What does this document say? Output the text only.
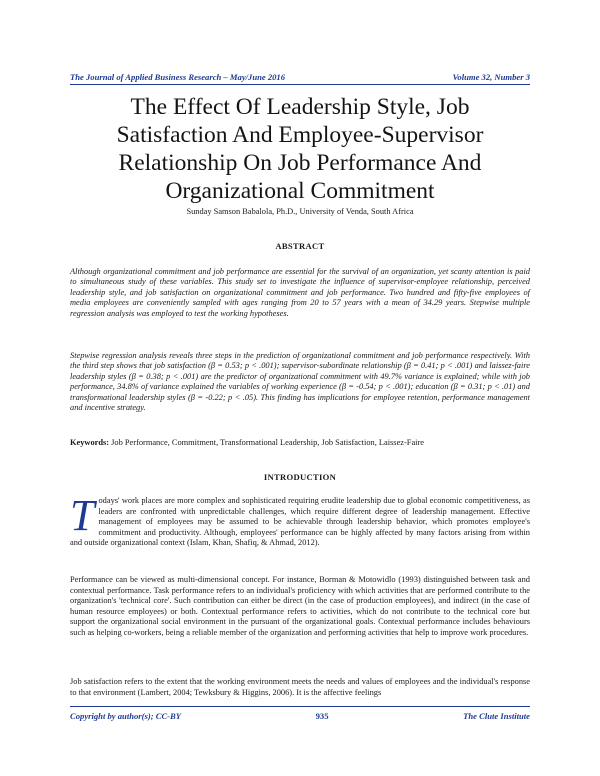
The Journal of Applied Business Research – May/June 2016	Volume 32, Number 3
The Effect Of Leadership Style, Job Satisfaction And Employee-Supervisor Relationship On Job Performance And Organizational Commitment
Sunday Samson Babalola, Ph.D., University of Venda, South Africa
ABSTRACT
Although organizational commitment and job performance are essential for the survival of an organization, yet scanty attention is paid to simultaneous study of these variables. This study set to investigate the influence of supervisor-employee relationship, perceived leadership style, and job satisfaction on organizational commitment and job performance. Two hundred and fifty-five employees of media employees are conveniently sampled with ages ranging from 20 to 57 years with a mean of 34.29 years. Stepwise multiple regression analysis was employed to test the working hypotheses.
Stepwise regression analysis reveals three steps in the prediction of organizational commitment and job performance respectively. With the third step shows that job satisfaction (β = 0.53; p < .001); supervisor-subordinate relationship (β = 0.41; p < .001) and laissez-faire leadership styles (β = 0.38; p < .001) are the predictor of organizational commitment with 49.7% variance is explained; while with job performance, 34.8% of variance explained the variables of working experience (β = -0.54; p < .001); education (β = 0.31; p < .01) and transformational leadership styles (β = -0.22; p < .05). This finding has implications for employee retention, performance management and incentive strategy.
Keywords: Job Performance, Commitment, Transformational Leadership, Job Satisfaction, Laissez-Faire
INTRODUCTION
T odays' work places are more complex and sophisticated requiring erudite leadership due to global economic competitiveness, as leaders are confronted with unpredictable challenges, which require different degree of leadership management. Effective management of employees may be assumed to be achievable through leadership behavior, which promotes employee's commitment and productivity. Although, employees' performance can be highly affected by many factors arising from within and outside organizational context (Islam, Khan, Shafiq, & Ahmad, 2012).
Performance can be viewed as multi-dimensional concept. For instance, Borman & Motowidlo (1993) distinguished between task and contextual performance. Task performance refers to an individual's proficiency with which activities that are performed contribute to the organization's 'technical core'. Such contribution can either be direct (in the case of production employees), and indirect (in the case of human resource employees) or both. Contextual performance refers to activities, which do not contribute to the technical core but support the organizational social environment in the pursuant of the organizational goals. Contextual performance includes behaviours such as helping co-workers, being a reliable member of the organization and performing activities that help to improve work procedures.
Job satisfaction refers to the extent that the working environment meets the needs and values of employees and the individual's response to that environment (Lambert, 2004; Tewksbury & Higgins, 2006). It is the affective feelings
Copyright by author(s); CC-BY	935	The Clute Institute
